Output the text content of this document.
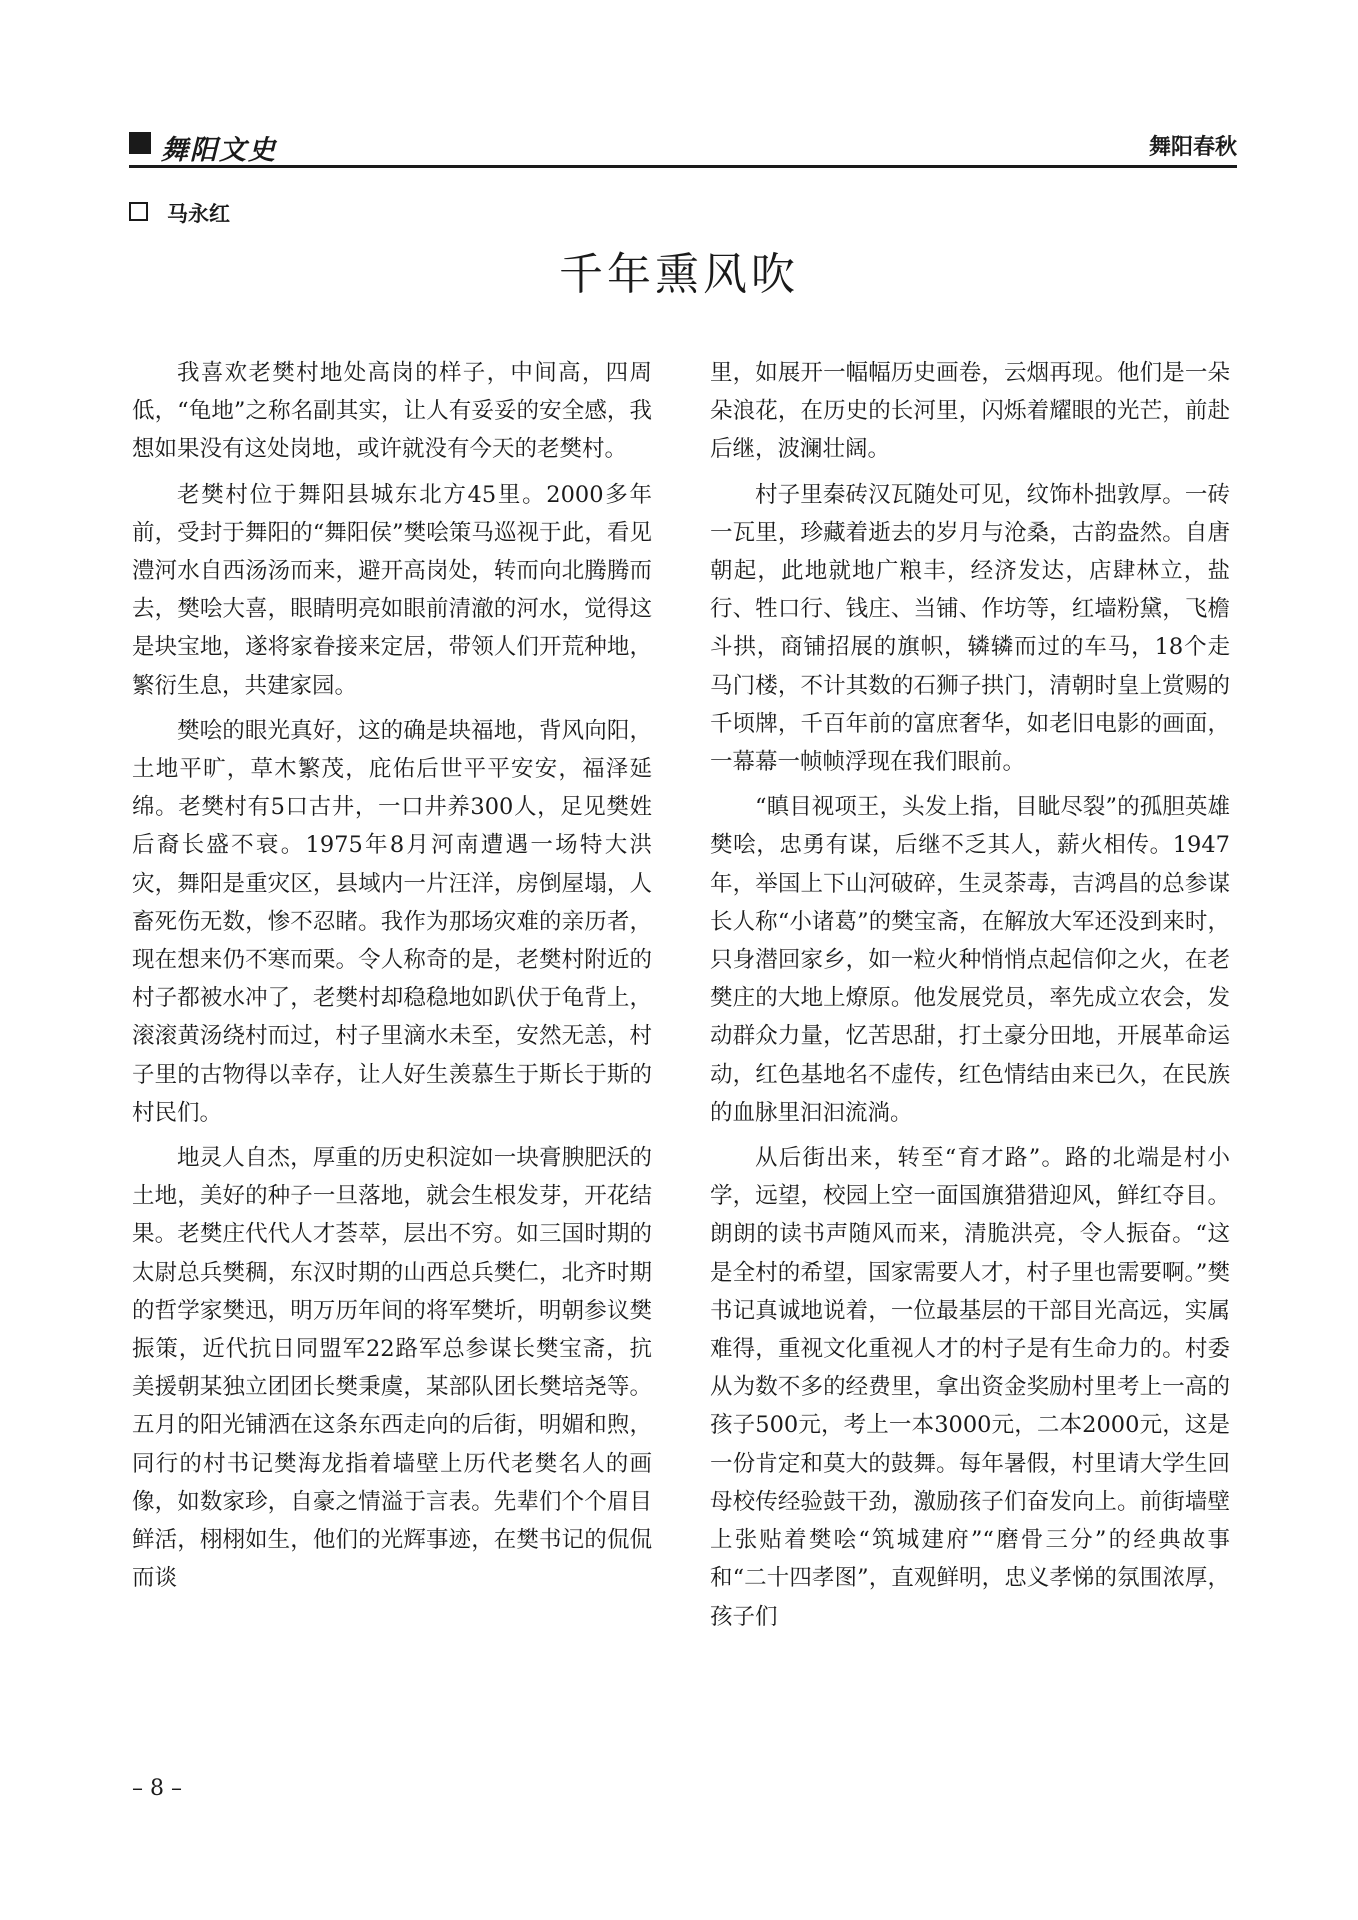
舞阳文史	舞阳春秋
马永红
千年熏风吹

我喜欢老樊村地处高岗的样子，中间高，四周低，“龟地”之称名副其实，让人有妥妥的安全感，我想如果没有这处岗地，或许就没有今天的老樊村。

老樊村位于舞阳县城东北方45里。2000多年前，受封于舞阳的“舞阳侯”樊哙策马巡视于此，看见澧河水自西汤汤而来，避开高岗处，转而向北腾腾而去，樊哙大喜，眼睛明亮如眼前清澈的河水，觉得这是块宝地，遂将家眷接来定居，带领人们开荒种地，繁衍生息，共建家园。

樊哙的眼光真好，这的确是块福地，背风向阳，土地平旷，草木繁茂，庇佑后世平平安安，福泽延绵。老樊村有5口古井，一口井养300人，足见樊姓后裔长盛不衰。1975年8月河南遭遇一场特大洪灾，舞阳是重灾区，县域内一片汪洋，房倒屋塌，人畜死伤无数，惨不忍睹。我作为那场灾难的亲历者，现在想来仍不寒而栗。令人称奇的是，老樊村附近的村子都被水冲了，老樊村却稳稳地如趴伏于龟背上，滚滚黄汤绕村而过，村子里滴水未至，安然无恙，村子里的古物得以幸存，让人好生羡慕生于斯长于斯的村民们。

地灵人自杰，厚重的历史积淀如一块膏腴肥沃的土地，美好的种子一旦落地，就会生根发芽，开花结果。老樊庄代代人才荟萃，层出不穷。如三国时期的太尉总兵樊稠，东汉时期的山西总兵樊仁，北齐时期的哲学家樊迅，明万历年间的将军樊圻，明朝参议樊振策，近代抗日同盟军22路军总参谋长樊宝斋，抗美援朝某独立团团长樊秉虞，某部队团长樊培尧等。五月的阳光铺洒在这条东西走向的后街，明媚和煦，同行的村书记樊海龙指着墙壁上历代老樊名人的画像，如数家珍，自豪之情溢于言表。先辈们个个眉目鲜活，栩栩如生，他们的光辉事迹，在樊书记的侃侃而谈

里，如展开一幅幅历史画卷，云烟再现。他们是一朵朵浪花，在历史的长河里，闪烁着耀眼的光芒，前赴后继，波澜壮阔。

村子里秦砖汉瓦随处可见，纹饰朴拙敦厚。一砖一瓦里，珍藏着逝去的岁月与沧桑，古韵盎然。自唐朝起，此地就地广粮丰，经济发达，店肆林立，盐行、牲口行、钱庄、当铺、作坊等，红墙粉黛，飞檐斗拱，商铺招展的旗帜，辚辚而过的车马，18个走马门楼，不计其数的石狮子拱门，清朝时皇上赏赐的千顷牌，千百年前的富庶奢华，如老旧电影的画面，一幕幕一帧帧浮现在我们眼前。

“瞋目视项王，头发上指，目眦尽裂”的孤胆英雄樊哙，忠勇有谋，后继不乏其人，薪火相传。1947年，举国上下山河破碎，生灵荼毒，吉鸿昌的总参谋长人称“小诸葛”的樊宝斋，在解放大军还没到来时，只身潜回家乡，如一粒火种悄悄点起信仰之火，在老樊庄的大地上燎原。他发展党员，率先成立农会，发动群众力量，忆苦思甜，打土豪分田地，开展革命运动，红色基地名不虚传，红色情结由来已久，在民族的血脉里汩汩流淌。

从后街出来，转至“育才路”。路的北端是村小学，远望，校园上空一面国旗猎猎迎风，鲜红夺目。朗朗的读书声随风而来，清脆洪亮，令人振奋。“这是全村的希望，国家需要人才，村子里也需要啊。”樊书记真诚地说着，一位最基层的干部目光高远，实属难得，重视文化重视人才的村子是有生命力的。村委从为数不多的经费里，拿出资金奖励村里考上一高的孩子500元，考上一本3000元，二本2000元，这是一份肯定和莫大的鼓舞。每年暑假，村里请大学生回母校传经验鼓干劲，激励孩子们奋发向上。前街墙壁上张贴着樊哙“筑城建府”“磨骨三分”的经典故事和“二十四孝图”，直观鲜明，忠义孝悌的氛围浓厚，孩子们

– 8 –
